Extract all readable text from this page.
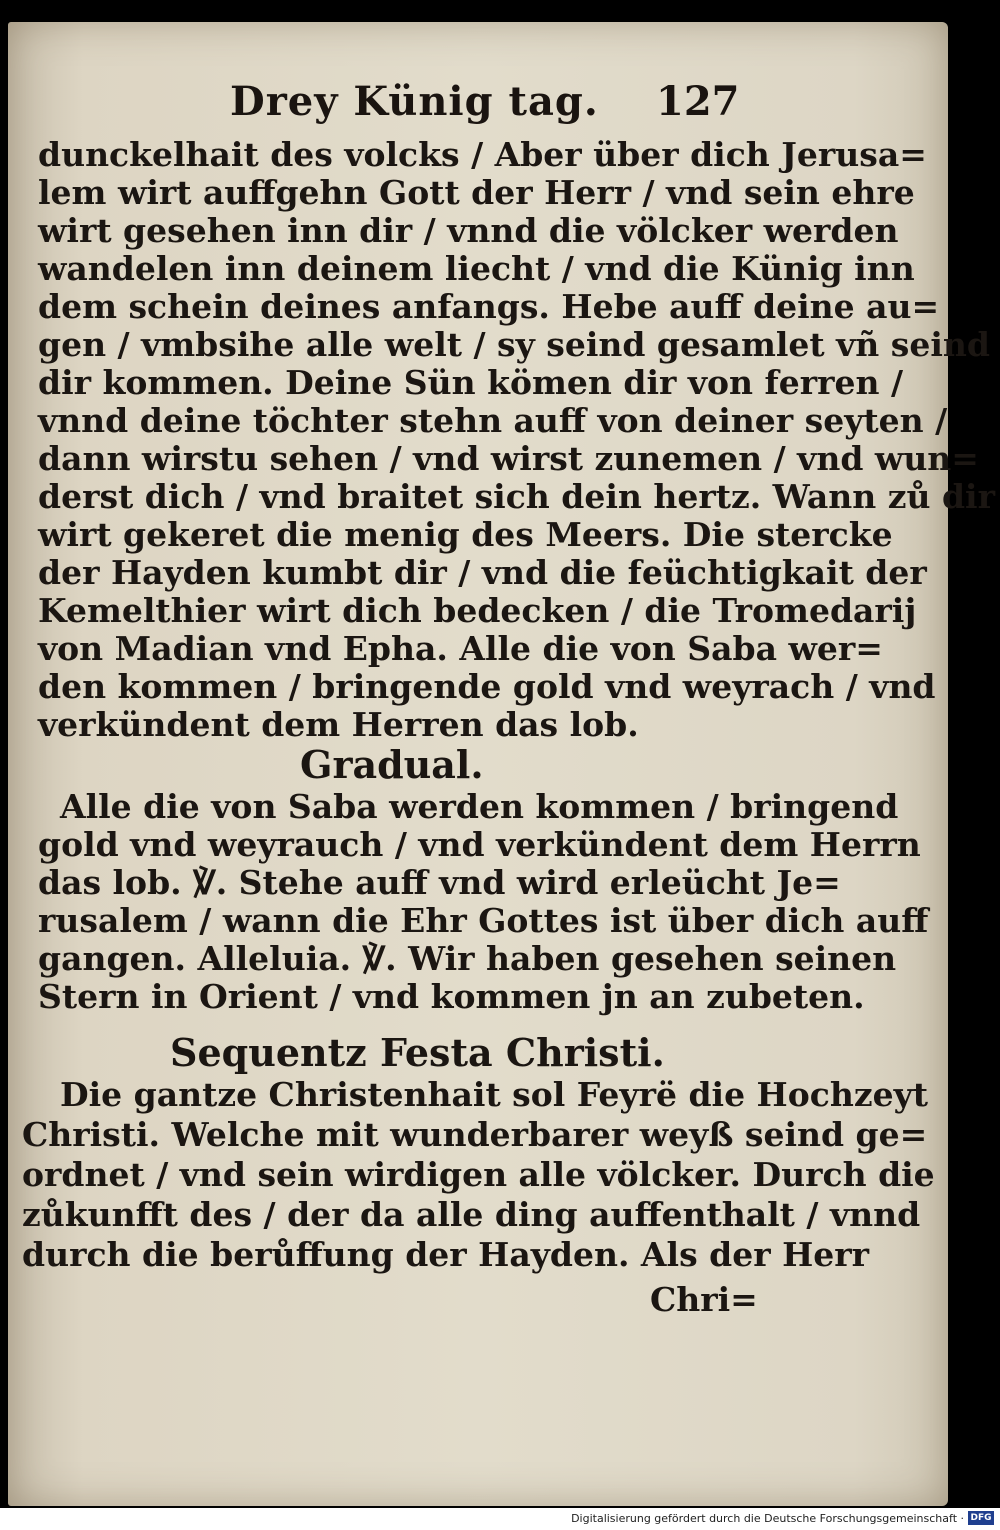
Drey Künig tag. 127
dunckelhait des volcks / Aber über dich Jerusa=
lem wirt auffgehn Gott der Herr / vnd sein ehre
wirt gesehen inn dir / vnnd die völcker werden
wandelen inn deinem liecht / vnd die Künig inn
dem schein deines anfangs. Hebe auff deine au=
gen / vmbsihe alle welt / sy seind gesamlet vñ seind
dir kommen. Deine Sün kömen dir von ferren /
vnnd deine töchter stehn auff von deiner seyten /
dann wirstu sehen / vnd wirst zunemen / vnd wun=
derst dich / vnd braitet sich dein hertz. Wann zů dir
wirt gekeret die menig des Meers. Die stercke
der Hayden kumbt dir / vnd die feüchtigkait der
Kemelthier wirt dich bedecken / die Tromedarij
von Madian vnd Epha. Alle die von Saba wer=
den kommen / bringende gold vnd weyrach / vnd
verkündent dem Herren das lob.
Gradual.
Alle die von Saba werden kommen / bringend
gold vnd weyrauch / vnd verkündent dem Herrn
das lob. ℣. Stehe auff vnd wird erleücht Je=
rusalem / wann die Ehr Gottes ist über dich auff
gangen. Alleluia. ℣. Wir haben gesehen seinen
Stern in Orient / vnd kommen jn an zubeten.
Sequentz Festa Christi.
Die gantze Christenhait sol Feyrë die Hochzeyt
Christi. Welche mit wunderbarer weyß seind ge=
ordnet / vnd sein wirdigen alle völcker. Durch die
zůkunfft des / der da alle ding auffenthalt / vnnd
durch die berůffung der Hayden. Als der Herr
Chri=
Digitalisierung gefördert durch die Deutsche Forschungsgemeinschaft · DFG
